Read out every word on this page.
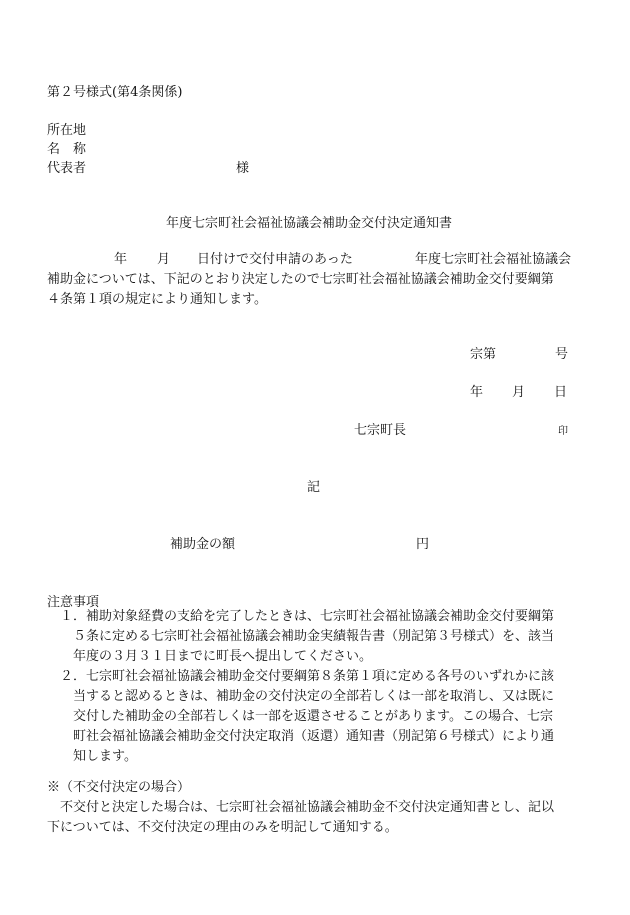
第２号様式(第4条関係)
所在地
名　称
代表者	様
年度七宗町社会福祉協議会補助金交付決定通知書
年 月 日付けで交付申請のあった	年度七宗町社会福祉協議会
補助金については、下記のとおり決定したので七宗町社会福祉協議会補助金交付要綱第
４条第１項の規定により通知します。
宗第	号
年 月 日
七宗町長	印
記
補助金の額	円
注意事項
１．補助対象経費の支給を完了したときは、七宗町社会福祉協議会補助金交付要綱第
５条に定める七宗町社会福祉協議会補助金実績報告書（別記第３号様式）を、該当
年度の３月３１日までに町長へ提出してください。
２．七宗町社会福祉協議会補助金交付要綱第８条第１項に定める各号のいずれかに該
当すると認めるときは、補助金の交付決定の全部若しくは一部を取消し、又は既に
交付した補助金の全部若しくは一部を返還させることがあります。この場合、七宗
町社会福祉協議会補助金交付決定取消（返還）通知書（別記第６号様式）により通
知します。
※（不交付決定の場合）
不交付と決定した場合は、七宗町社会福祉協議会補助金不交付決定通知書とし、記以
下については、不交付決定の理由のみを明記して通知する。
